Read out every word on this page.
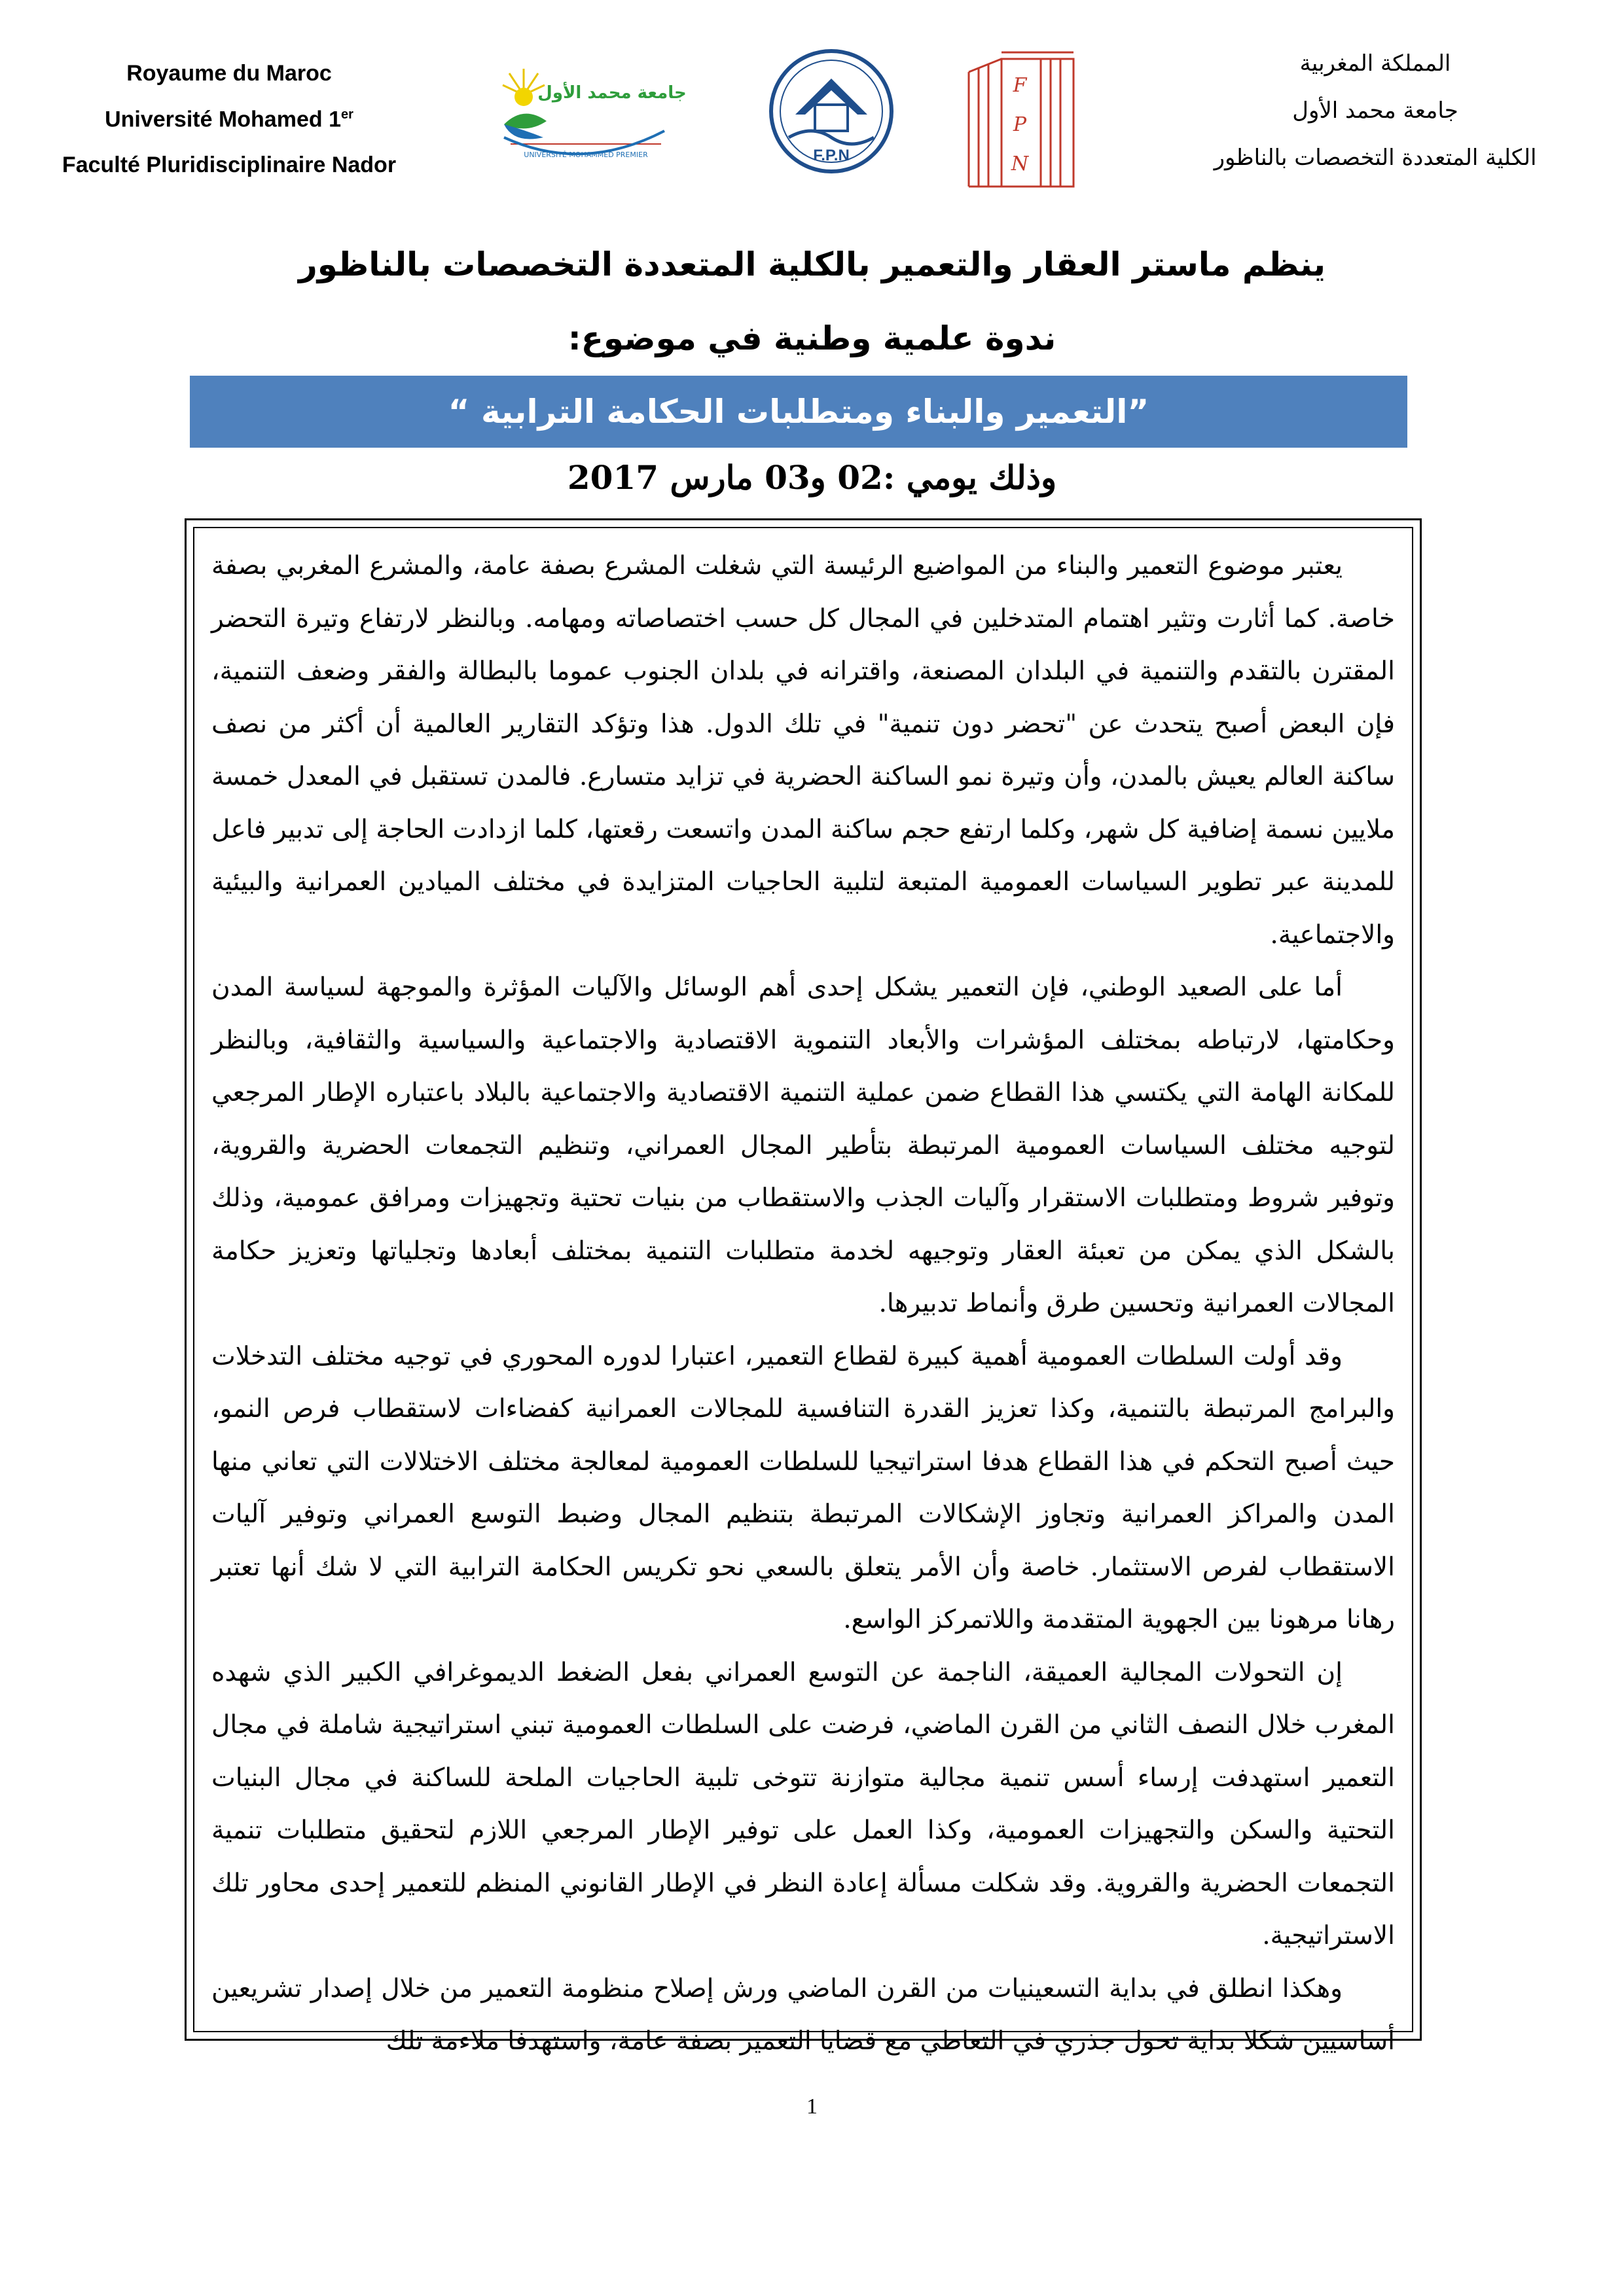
Royaume du Maroc
Université Mohamed 1er
Faculté Pluridisciplinaire Nador
جامعة محمد الأول
UNIVERSITÉ MOHAMMED PREMIER	F.P.N
F
P
N
المملكة المغربية
جامعة محمد الأول
الكلية المتعددة التخصصات بالناظور
ينظم ماستر العقار والتعمير بالكلية المتعددة التخصصات بالناظور
ندوة علمية وطنية في موضوع:
”التعمير والبناء ومتطلبات الحكامة الترابية “
وذلك يومي :02 و03 مارس 2017

يعتبر موضوع التعمير والبناء من المواضيع الرئيسة التي شغلت المشرع بصفة عامة، والمشرع المغربي بصفة خاصة. كما أثارت وتثير اهتمام المتدخلين في المجال كل حسب اختصاصاته ومهامه. وبالنظر لارتفاع وتيرة التحضر المقترن بالتقدم والتنمية في البلدان المصنعة، واقترانه في بلدان الجنوب عموما بالبطالة والفقر وضعف التنمية، فإن البعض أصبح يتحدث عن "تحضر دون تنمية" في تلك الدول. هذا وتؤكد التقارير العالمية أن أكثر من نصف ساكنة العالم يعيش بالمدن، وأن وتيرة نمو الساكنة الحضرية في تزايد متسارع. فالمدن تستقبل في المعدل خمسة ملايين نسمة إضافية كل شهر، وكلما ارتفع حجم ساكنة المدن واتسعت رقعتها، كلما ازدادت الحاجة إلى تدبير فاعل للمدينة عبر تطوير السياسات العمومية المتبعة لتلبية الحاجيات المتزايدة في مختلف الميادين العمرانية والبيئية والاجتماعية.

أما على الصعيد الوطني، فإن التعمير يشكل إحدى أهم الوسائل والآليات المؤثرة والموجهة لسياسة المدن وحكامتها، لارتباطه بمختلف المؤشرات والأبعاد التنموية الاقتصادية والاجتماعية والسياسية والثقافية، وبالنظر للمكانة الهامة التي يكتسي هذا القطاع ضمن عملية التنمية الاقتصادية والاجتماعية بالبلاد باعتباره الإطار المرجعي لتوجيه مختلف السياسات العمومية المرتبطة بتأطير المجال العمراني، وتنظيم التجمعات الحضرية والقروية، وتوفير شروط ومتطلبات الاستقرار وآليات الجذب والاستقطاب من بنيات تحتية وتجهيزات ومرافق عمومية، وذلك بالشكل الذي يمكن من تعبئة العقار وتوجيهه لخدمة متطلبات التنمية بمختلف أبعادها وتجلياتها وتعزيز حكامة المجالات العمرانية وتحسين طرق وأنماط تدبيرها.

وقد أولت السلطات العمومية أهمية كبيرة لقطاع التعمير، اعتبارا لدوره المحوري في توجيه مختلف التدخلات والبرامج المرتبطة بالتنمية، وكذا تعزيز القدرة التنافسية للمجالات العمرانية كفضاءات لاستقطاب فرص النمو، حيث أصبح التحكم في هذا القطاع هدفا استراتيجيا للسلطات العمومية لمعالجة مختلف الاختلالات التي تعاني منها المدن والمراكز العمرانية وتجاوز الإشكالات المرتبطة بتنظيم المجال وضبط التوسع العمراني وتوفير آليات الاستقطاب لفرص الاستثمار. خاصة وأن الأمر يتعلق بالسعي نحو تكريس الحكامة الترابية التي لا شك أنها تعتبر رهانا مرهونا بين الجهوية المتقدمة واللاتمركز الواسع.

إن التحولات المجالية العميقة، الناجمة عن التوسع العمراني بفعل الضغط الديموغرافي الكبير الذي شهده المغرب خلال النصف الثاني من القرن الماضي، فرضت على السلطات العمومية تبني استراتيجية شاملة في مجال التعمير استهدفت إرساء أسس تنمية مجالية متوازنة تتوخى تلبية الحاجيات الملحة للساكنة في مجال البنيات التحتية والسكن والتجهيزات العمومية، وكذا العمل على توفير الإطار المرجعي اللازم لتحقيق متطلبات تنمية التجمعات الحضرية والقروية. وقد شكلت مسألة إعادة النظر في الإطار القانوني المنظم للتعمير إحدى محاور تلك الاستراتيجية.

وهكذا انطلق في بداية التسعينيات من القرن الماضي ورش إصلاح منظومة التعمير من خلال إصدار تشريعين أساسيين شكلا بداية تحول جذري في التعاطي مع قضايا التعمير بصفة عامة، واستهدفا ملاءمة تلك

1
